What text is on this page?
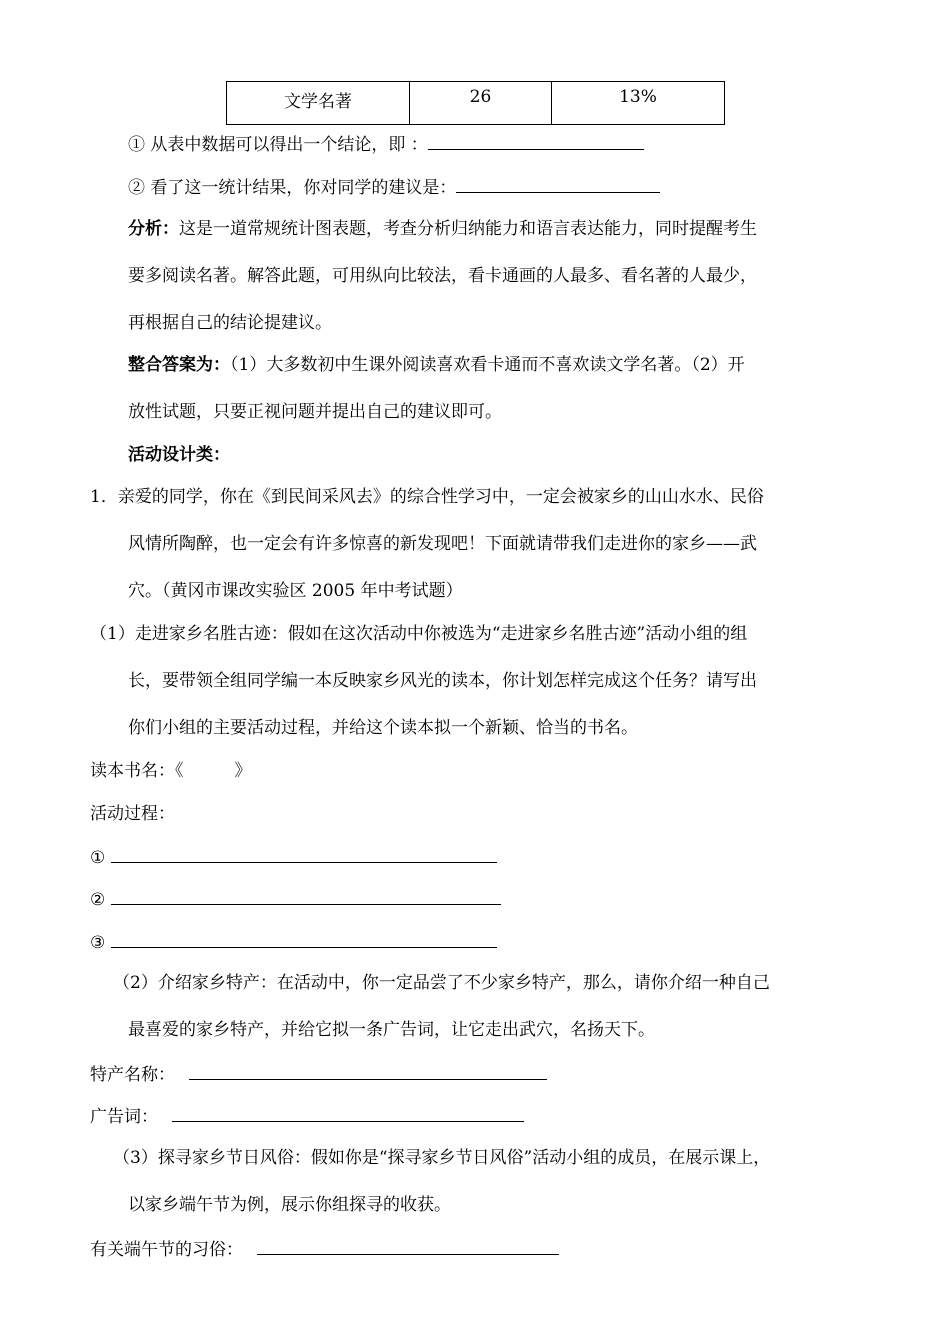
文学名著	26	13%
① 从表中数据可以得出一个结论，即 ：
② 看了这一统计结果，你对同学的建议是：
分析：这是一道常规统计图表题，考查分析归纳能力和语言表达能力，同时提醒考生
要多阅读名著。解答此题，可用纵向比较法，看卡通画的人最多、看名著的人最少，
再根据自己的结论提建议。
整合答案为：（1）大多数初中生课外阅读喜欢看卡通而不喜欢读文学名著。（2）开
放性试题，只要正视问题并提出自己的建议即可。
活动设计类：
1．亲爱的同学，你在《到民间采风去》的综合性学习中，一定会被家乡的山山水水、民俗
风情所陶醉，也一定会有许多惊喜的新发现吧！下面就请带我们走进你的家乡——武
穴。（黄冈市课改实验区 2005 年中考试题）
（1）走进家乡名胜古迹：假如在这次活动中你被选为“走进家乡名胜古迹”活动小组的组
长，要带领全组同学编一本反映家乡风光的读本，你计划怎样完成这个任务？请写出
你们小组的主要活动过程，并给这个读本拟一个新颖、恰当的书名。
读本书名：《　　　》
活动过程：
①
②
③
（2）介绍家乡特产：在活动中，你一定品尝了不少家乡特产，那么，请你介绍一种自己
最喜爱的家乡特产，并给它拟一条广告词，让它走出武穴，名扬天下。
特产名称：
广告词：
（3）探寻家乡节日风俗：假如你是“探寻家乡节日风俗”活动小组的成员，在展示课上，
以家乡端午节为例，展示你组探寻的收获。
有关端午节的习俗：
